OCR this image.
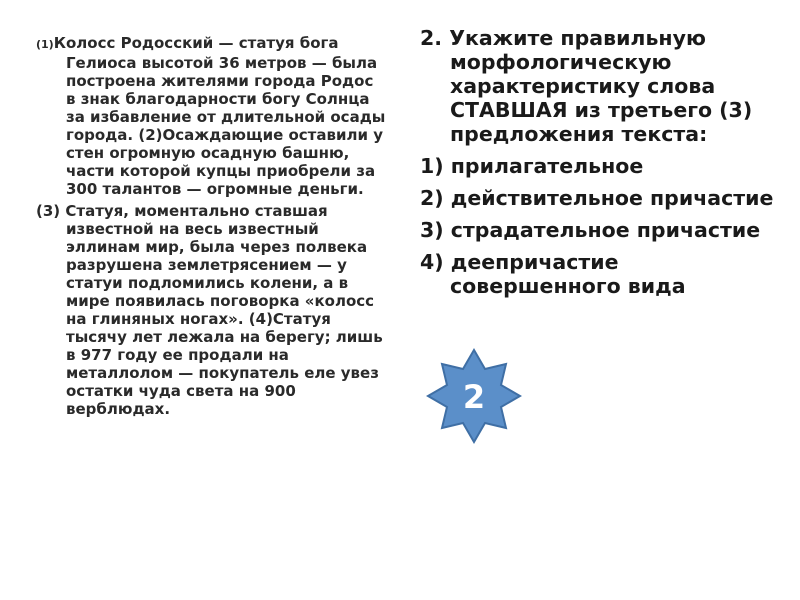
(1)Колосс Родосский — статуя бога Гелиоса высотой 36 метров — была построена жителями города Родос в знак благодарности богу Солнца за избавление от длительной осады города. (2)Осаждающие оставили у стен огромную осадную башню, части которой купцы приобрели за 300 талантов — огромные деньги.

(3) Статуя, моментально ставшая известной на весь известный эллинам мир, была через полвека разрушена землетрясением — у статуи подломились колени, а в мире появилась поговорка «колосс на глиняных ногах». (4)Статуя тысячу лет лежала на берегу; лишь в 977 году ее продали на металлолом — покупатель еле увез остатки чуда света на 900 верблюдах.

2. Укажите правильную морфологическую характеристику слова СТАВШАЯ из третьего (3) предложения текста:

1) прилагательное
2) действительное причастие
3) страдательное причастие
4) деепричастие совершенного вида
2
